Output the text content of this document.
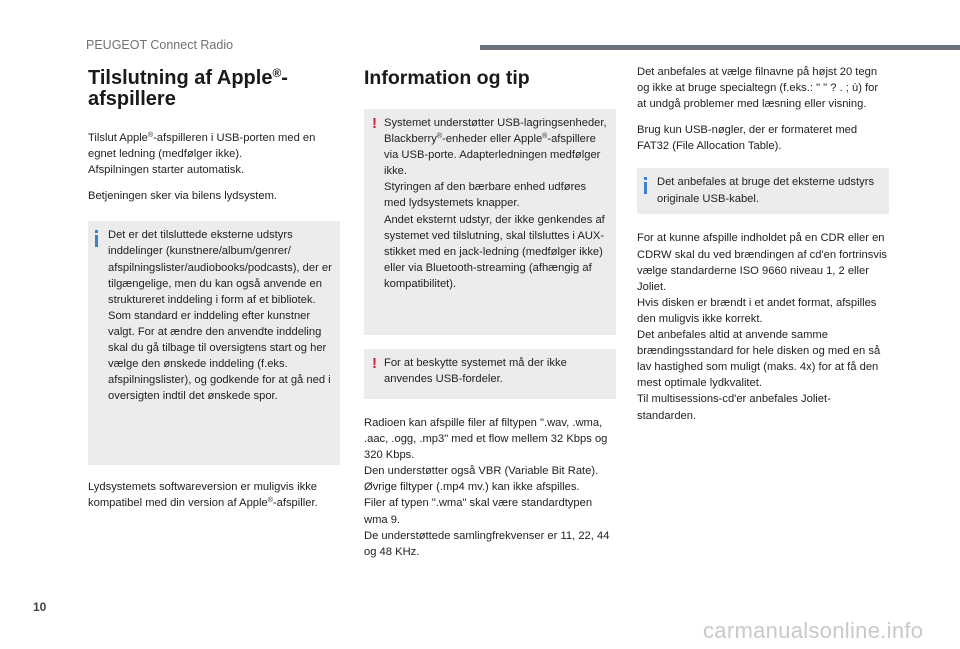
PEUGEOT Connect Radio
Tilslutning af Apple®-
afspillere

Tilslut Apple®-afspilleren i USB-porten med en egnet ledning (medfølger ikke).
Afspilningen starter automatisk.

Betjeningen sker via bilens lydsystem.

Det er det tilsluttede eksterne udstyrs inddelinger (kunstnere/album/genrer/ afspilningslister/audiobooks/podcasts), der er tilgængelige, men du kan også anvende en struktureret inddeling i form af et bibliotek.
Som standard er inddeling efter kunstner valgt. For at ændre den anvendte inddeling skal du gå tilbage til oversigtens start og her vælge den ønskede inddeling (f.eks. afspilningslister), og godkende for at gå ned i oversigten indtil det ønskede spor.

Lydsystemets softwareversion er muligvis ikke kompatibel med din version af Apple®-afspiller.

Information og tip
! Systemet understøtter USB-lagringsenheder, Blackberry®-enheder eller Apple®-afspillere via USB-porte. Adapterledningen medfølger ikke.
Styringen af den bærbare enhed udføres med lydsystemets knapper.
Andet eksternt udstyr, der ikke genkendes af systemet ved tilslutning, skal tilsluttes i AUX-stikket med en jack-ledning (medfølger ikke) eller via Bluetooth-streaming (afhængig af kompatibilitet).
! For at beskytte systemet må der ikke anvendes USB-fordeler.

Radioen kan afspille filer af filtypen ".wav, .wma, .aac, .ogg, .mp3" med et flow mellem 32 Kbps og 320 Kbps.
Den understøtter også VBR (Variable Bit Rate).
Øvrige filtyper (.mp4 mv.) kan ikke afspilles.
Filer af typen ".wma" skal være standardtypen wma 9.
De understøttede samlingfrekvenser er 11, 22, 44 og 48 KHz.

Det anbefales at vælge filnavne på højst 20 tegn og ikke at bruge specialtegn (f.eks.: " " ? . ; ù) for at undgå problemer med læsning eller visning.

Brug kun USB-nøgler, der er formateret med FAT32 (File Allocation Table).

Det anbefales at bruge det eksterne udstyrs originale USB-kabel.

For at kunne afspille indholdet på en CDR eller en CDRW skal du ved brændingen af cd'en fortrinsvis vælge standarderne ISO 9660 niveau 1, 2 eller Joliet.
Hvis disken er brændt i et andet format, afspilles den muligvis ikke korrekt.
Det anbefales altid at anvende samme brændingsstandard for hele disken og med en så lav hastighed som muligt (maks. 4x) for at få den mest optimale lydkvalitet.
Til multisessions-cd'er anbefales Joliet-standarden.

10
carmanualsonline.info
